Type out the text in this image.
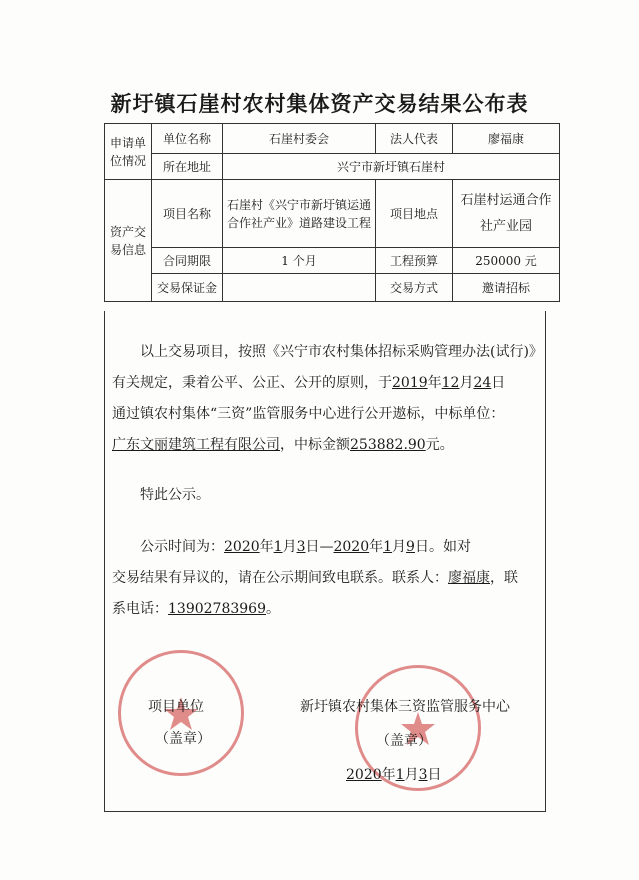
新圩镇石崖村农村集体资产交易结果公布表
申请单位情况	单位名称	石崖村委会	法人代表	廖福康
	所在地址	兴宁市新圩镇石崖村		
资产交易信息	项目名称	石崖村《兴宁市新圩镇运通合作社产业》道路建设工程	项目地点	石崖村运通合作社产业园
	合同期限	1 个月	工程预算	250000 元
	交易保证金		交易方式	邀请招标
以上交易项目，按照《兴宁市农村集体招标采购管理办法(试行)》
有关规定，秉着公平、公正、公开的原则，于2019年12月24日
通过镇农村集体“三资”监管服务中心进行公开遨标，中标单位：
广东文丽建筑工程有限公司，中标金额253882.90元。
特此公示。
公示时间为：2020年1月3日—2020年1月9日。如对
交易结果有异议的，请在公示期间致电联系。联系人：廖福康，联
系电话：13902783969。
项目单位
（盖章）
新圩镇农村集体三资监管服务中心
（盖章）
2020年1月3日
